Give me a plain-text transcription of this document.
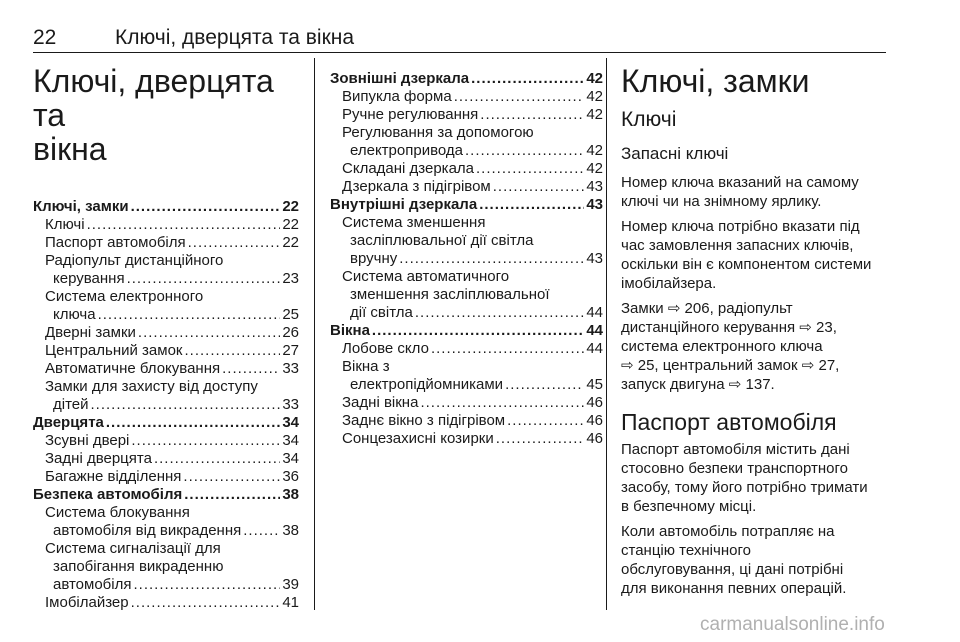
22	Ключі, дверцята та вікна
Ключі, дверцята та
вікна
Ключі, замки .....	22
Ключі .....	22
Паспорт автомобіля .....	22
Радіопульт дистанційного
керування .....	23
Система електронного
ключа .....	25
Дверні замки .....	26
Центральний замок .....	27
Автоматичне блокування .....	33
Замки для захисту від доступу
дітей .....	33
Дверцята .....	34
Зсувні двері .....	34
Задні дверцята .....	34
Багажне відділення .....	36
Безпека автомобіля .....	38
Система блокування
автомобіля від викрадення .....	38
Система сигналізації для
запобігання викраденню
автомобіля .....	39
Імобілайзер .....	41
Зовнішні дзеркала .....	42
Випукла форма .....	42
Ручне регулювання .....	42
Регулювання за допомогою
електропривода .....	42
Складані дзеркала .....	42
Дзеркала з підігрівом .....	43
Внутрішні дзеркала .....	43
Система зменшення
засліплювальної дії світла
вручну .....	43
Система автоматичного
зменшення засліплювальної
дії світла .....	44
Вікна .....	44
Лобове скло .....	44
Вікна з
електропідйомниками .....	45
Задні вікна .....	46
Заднє вікно з підігрівом .....	46
Сонцезахисні козирки .....	46
Ключі, замки
Ключі
Запасні ключі

Номер ключа вказаний на самому
ключі чи на знімному ярлику.

Номер ключа потрібно вказати під
час замовлення запасних ключів,
оскільки він є компонентом системи
імобілайзера.

Замки ⇨ 206, радіопульт
дистанційного керування ⇨ 23,
система електронного ключа
⇨ 25, центральний замок ⇨ 27,
запуск двигуна ⇨ 137.

Паспорт автомобіля

Паспорт автомобіля містить дані
стосовно безпеки транспортного
засобу, тому його потрібно тримати
в безпечному місці.

Коли автомобіль потрапляє на
станцію технічного
обслуговування, ці дані потрібні
для виконання певних операцій.

carmanualsonline.info
